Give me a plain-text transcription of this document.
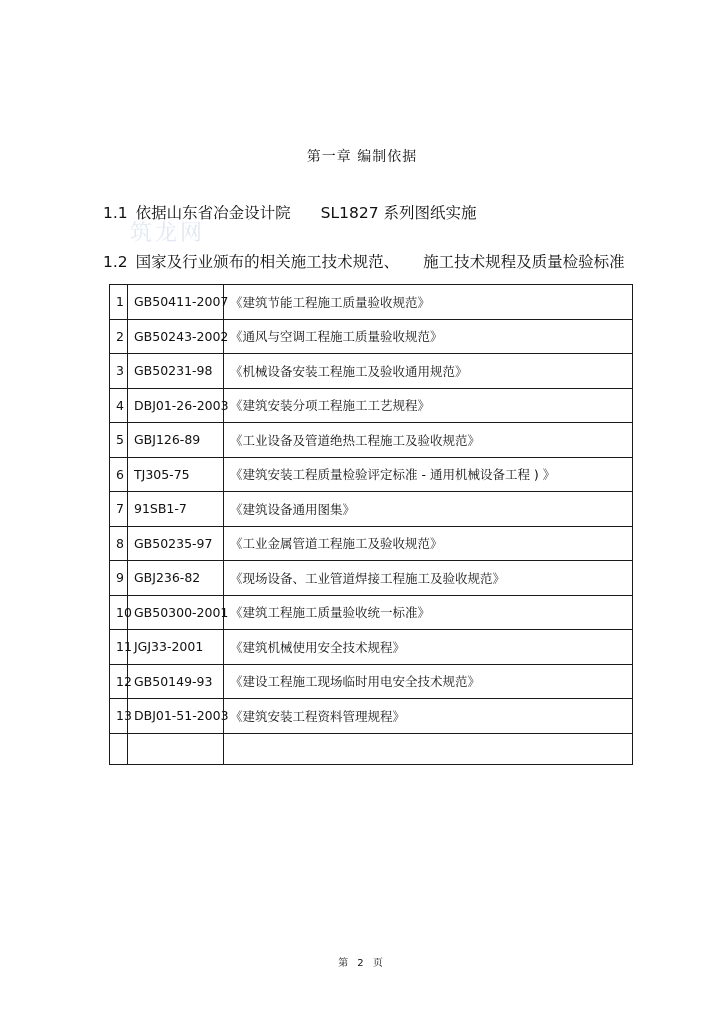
第一章 编制依据
筑龙网
1.1 依据山东省冶金设计院 SL1827 系列图纸实施
1.2 国家及行业颁布的相关施工技术规范、 施工技术规程及质量检验标准
1	GB50411-2007	《建筑节能工程施工质量验收规范》
2	GB50243-2002	《通风与空调工程施工质量验收规范》
3	GB50231-98	《机械设备安装工程施工及验收通用规范》
4	DBJ01-26-2003	《建筑安装分项工程施工工艺规程》
5	GBJ126-89	《工业设备及管道绝热工程施工及验收规范》
6	TJ305-75	《建筑安装工程质量检验评定标准 - 通用机械设备工程 ) 》
7	91SB1-7	《建筑设备通用图集》
8	GB50235-97	《工业金属管道工程施工及验收规范》
9	GBJ236-82	《现场设备、工业管道焊接工程施工及验收规范》
10	GB50300-2001	《建筑工程施工质量验收统一标准》
11	JGJ33-2001	《建筑机械使用安全技术规程》
12	GB50149-93	《建设工程施工现场临时用电安全技术规范》
13	DBJ01-51-2003	《建筑安装工程资料管理规程》

第 2 页
